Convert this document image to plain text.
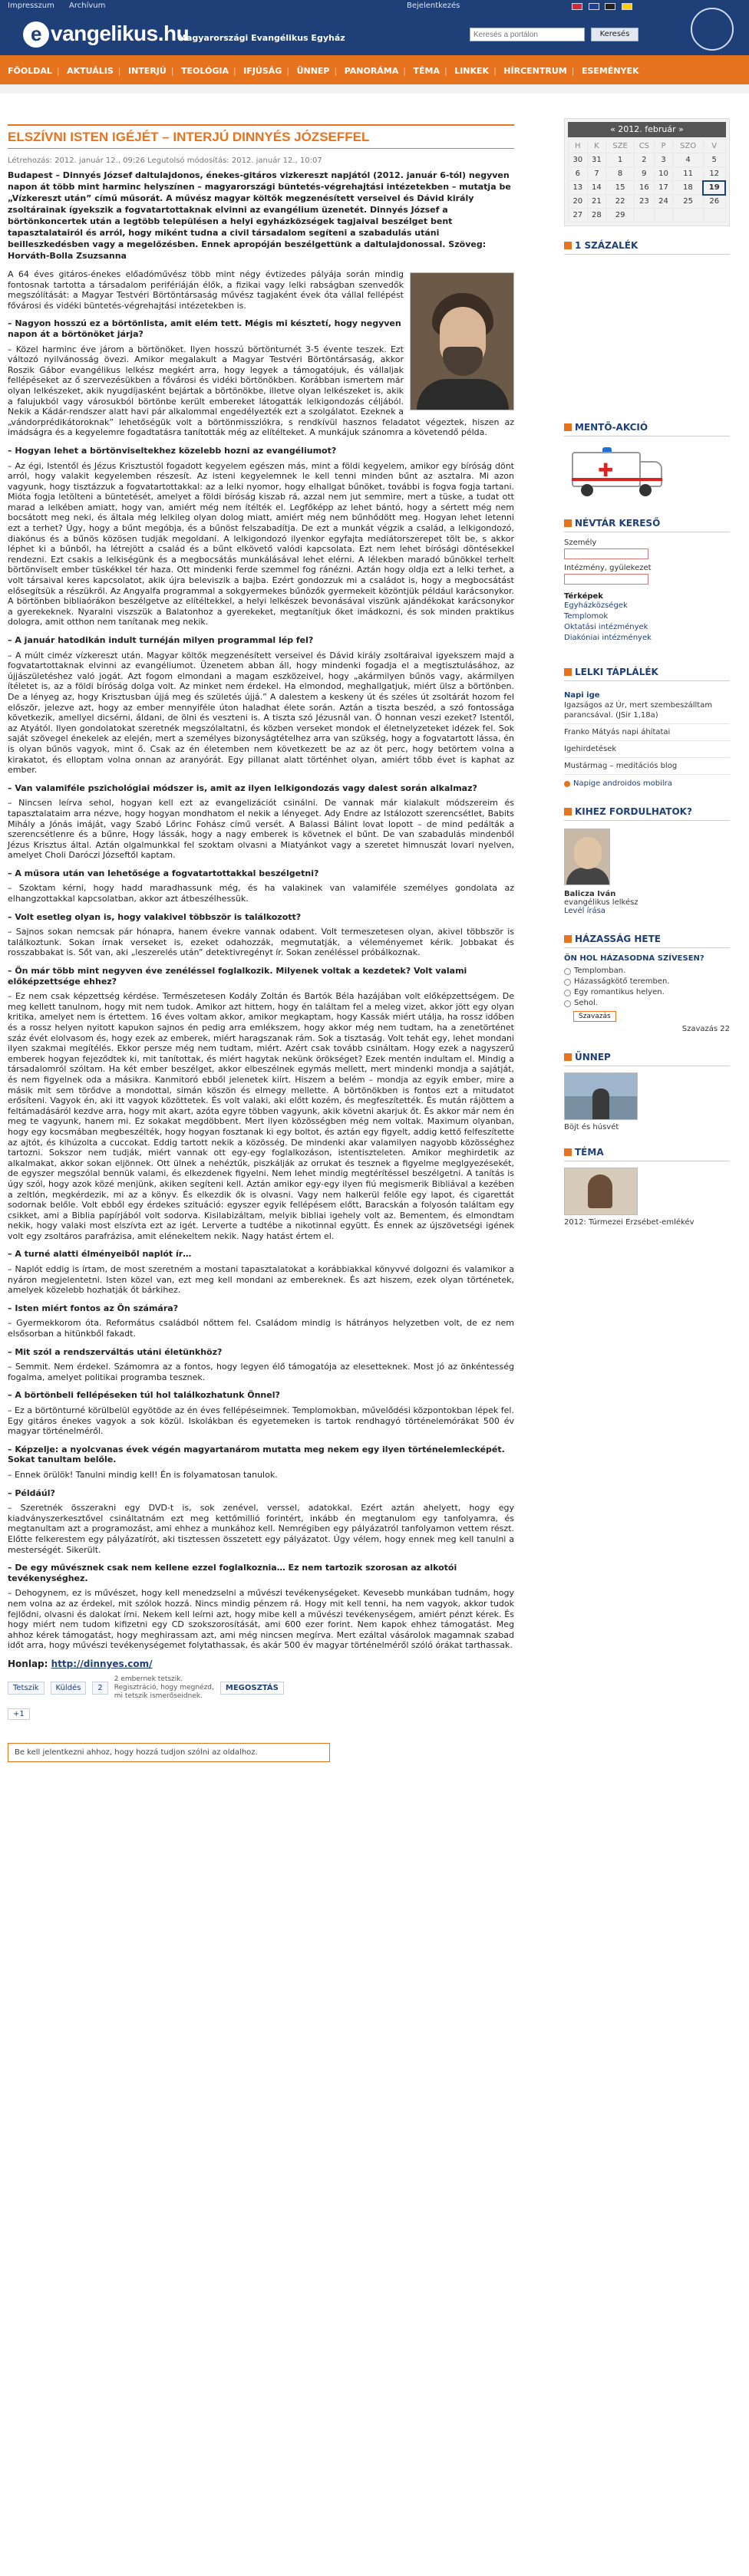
Impresszum Archívum	Bejelentkezés

e vangelikus.hu
Magyarországi Evangélikus Egyház
Keresés a portálon	Keresés
FŐOLDAL | AKTUÁLIS | INTERJÚ | TEOLÓGIA | IFJÚSÁG | ÜNNEP | PANORÁMA | TÉMA | LINKEK | HÍRCENTRUM | ESEMÉNYEK
ELSZÍVNI ISTEN IGÉJÉT – INTERJÚ DINNYÉS JÓZSEFFEL
Létrehozás: 2012. január 12., 09:26 Legutolsó módosítás: 2012. január 12., 10:07
Budapest – Dinnyés József daltulajdonos, énekes-gitáros vizkereszt napjától (2012. január 6-tól) negyven napon át több mint harminc helyszínen – magyarországi büntetés-végrehajtási intézetekben – mutatja be „Vízkereszt után” című műsorát. A művész magyar költők megzenésített verseivel és Dávid király zsoltárainak ígyekszik a fogvatartottaknak elvinni az evangélium üzenetét. Dinnyés József a börtönkoncertek után a legtöbb településen a helyi egyházközségek tagjaival beszélget bent tapasztalatairól és arról, hogy miként tudna a civil társadalom segíteni a szabadulás utáni beilleszkedésben vagy a megelőzésben. Ennek apropóján beszélgettünk a daltulajdonossal. Szöveg: Horváth-Bolla Zsuzsanna

A 64 éves gitáros-énekes előadóművész több mint négy évtizedes pályája során mindig fontosnak tartotta a társadalom perifériáján élők, a fizikai vagy lelki rabságban szenvedők megszólítását: a Magyar Testvéri Börtöntársaság művész tagjaként évek óta vállal fellépést fővárosi és vidéki büntetés-végrehajtási intézetekben is.

– Nagyon hosszú ez a börtönlista, amit elém tett. Mégis mi késztetí, hogy negyven napon át a börtönöket járja?

– Közel harminc éve járom a börtönöket. Ilyen hosszú börtönturnét 3-5 évente teszek. Ezt változó nyilvánosság övezi. Amikor megalakult a Magyar Testvéri Börtöntársaság, akkor Roszik Gábor evangélikus lelkész megkért arra, hogy legyek a támogatójuk, és vállaljak fellépéseket az ő szervezésükben a fővárosi és vidéki börtönökben. Korábban ismertem már olyan lelkészeket, akik nyugdíjasként bejártak a börtönökbe, illetve olyan lelkészeket is, akik a falujukból vagy városukból börtönbe került embereket látogatták lelkigondozás céljából. Nekik a Kádár-rendszer alatt havi pár alkalommal engedélyezték ezt a szolgálatot. Ezeknek a „vándorprédikátoroknak” lehetőségük volt a börtönmissziókra, s rendkívül hasznos feladatot végeztek, hiszen az imádságra és a kegyelemre fogadtatásra tanították még az elítélteket. A munkájuk szánomra a követendő példa.

– Hogyan lehet a börtönviseltekhez közelebb hozni az evangéliumot?

– Az égi, Istentől és Jézus Krisztustól fogadott kegyelem egészen más, mint a földi kegyelem, amikor egy bíróság dönt arról, hogy valakit kegyelemben részesít. Az isteni kegyelemnek le kell tenni minden bűnt az asztalra. Mi azon vagyunk, hogy tisztázzuk a fogvatartottakkal: az a lelki nyomor, hogy elhallgat bűnöket, további is fogva fogja tartani. Mióta fogja letölteni a büntetését, amelyet a földi bíróság kiszab rá, azzal nem jut semmire, mert a tüske, a tudat ott marad a lelkében amiatt, hogy van, amiért még nem ítélték el. Legfőképp az lehet bántó, hogy a sértett még nem bocsátott meg neki, és általa még lelkileg olyan dolog miatt, amiért még nem bűnhődött meg. Hogyan lehet letenni ezt a terhet? Úgy, hogy a bűnt megóbja, és a bűnöst felszabadítja. De ezt a munkát végzik a család, a lelkigondozó, diakónus és a bűnös közösen tudják megoldani. A lelkigondozó ilyenkor egyfajta mediátorszerepet tölt be, s akkor léphet ki a bűnből, ha létrejött a család és a bűnt elkövető valódi kapcsolata. Ezt nem lehet bírósági döntésekkel rendezni. Ezt csakis a lelkiségünk és a megbocsátás munkálásával lehet elérni. A lélekben maradó bűnökkel terhelt börtönviselt ember tüskékkel tér haza. Ott mindenki ferde szemmel fog ránézni. Aztán hogy oldja ezt a lelki terhet, a volt társaival keres kapcsolatot, akik újra beleviszik a bajba. Ezért gondozzuk mi a családot is, hogy a megbocsátást elősegítsük a részükről. Az Angyalfa programmal a sokgyermekes bűnözők gyermekeit közöntjük például karácsonykor. A börtönben bibliaórákon beszélgetve az elítéltekkel, a helyi lelkészek bevonásával viszünk ajándékokat karácsonykor a gyerekeknek. Nyaralni viszszük a Balatonhoz a gyerekeket, megtanítjuk őket imádkozni, és sok minden praktikus dologra, amit otthon nem tanítanak meg nekik.

– A január hatodikán indult turnéján milyen programmal lép fel?

– A múlt ciméz vízkereszt után. Magyar költők megzenésített verseivel és Dávid király zsoltáraival igyekszem majd a fogvatartottaknak elvinni az evangéliumot. Üzenetem abban áll, hogy mindenki fogadja el a megtisztulásához, az újjászületéshez való jogát. Azt fogom elmondani a magam eszközeivel, hogy „akármilyen bűnös vagy, akármilyen ítéletet is, az a földi bíróság dolga volt. Az minket nem érdekel. Ha elmondod, meghallgatjuk, miért ülsz a börtönben. De a lényeg az, hogy Krisztusban újjá meg és születés újjá.” A dalestem a keskeny út és széles út zsoltárát hozom fel először, jelezve azt, hogy az ember mennyiféle úton haladhat élete során. Aztán a tiszta beszéd, a szó fontossága következik, amellyel dicsérni, áldani, de ölni és veszteni is. A tiszta szó Jézusnál van. Ő honnan veszi ezeket? Istentől, az Atyától. Ilyen gondolatokat szeretnék megszólaltatni, és közben verseket mondok el életnelyzeteket idézek fel. Sok saját szövegel énekelek az elején, mert a személyes bizonyságtételhez arra van szükség, hogy a fogvatartott lássa, én is olyan bűnös vagyok, mint ő. Csak az én életemben nem következett be az az öt perc, hogy betörtem volna a kirakatot, és elloptam volna onnan az aranyórát. Egy pillanat alatt történhet olyan, amiért tőbb évet is kaphat az ember.

– Van valamiféle pszichológiai módszer is, amit az ilyen lelkigondozás vagy dalest során alkalmaz?

– Nincsen leírva sehol, hogyan kell ezt az evangelizációt csinálni. De vannak már kialakult módszereim és tapasztalataim arra nézve, hogy hogyan mondhatom el nekik a lényeget. Ady Endre az Istálozott szerencsétlet, Babits Mihály a Jónás imáját, vagy Szabó Lőrinc Fohász című versét. A Balassi Bálint lovat lopott – de mind pedálták a szerencsétlenre és a bűnre, Hogy lássák, hogy a nagy emberek is követnek el bűnt. De van szabadulás mindenből Jézus Krisztus által. Aztán olgalmunkkal fel szoktam olvasni a Miatyánkot vagy a szeretet himnuszát lovari nyelven, amelyet Choli Daróczi Józseftől kaptam.

– A műsora után van lehetősége a fogvatartottakkal beszélgetni?

– Szoktam kérni, hogy hadd maradhassunk még, és ha valakinek van valamiféle személyes gondolata az elhangzottakkal kapcsolatban, akkor azt átbeszélhessük.

– Volt esetleg olyan is, hogy valakivel többször is találkozott?

– Sajnos sokan nemcsak pár hónapra, hanem évekre vannak odabent. Volt termeszetesen olyan, akivel többször is találkoztunk. Sokan írnak verseket is, ezeket odahozzák, megmutatják, a véleményemet kérik. Jobbakat és rosszabbakat is. Sőt van, aki „leszerelés után” detektivregényt ír. Sokan zenéléssel próbálkoznak.

– Ön már több mint negyven éve zenéléssel foglalkozik. Milyenek voltak a kezdetek? Volt valami előképzettsége ehhez?

– Ez nem csak képzettség kérdése. Természetesen Kodály Zoltán és Bartók Béla hazájában volt előképzettségem. De meg kellett tanulnom, hogy mit nem tudok. Amikor azt hittem, hogy én találtam fel a meleg vizet, akkor jött egy olyan kritika, amelyet nem is értettem. 16 éves voltam akkor, amikor megkaptam, hogy Kassák miért utálja, ha rossz időben és a rossz helyen nyitott kapukon sajnos én pedig arra emlékszem, hogy akkor még nem tudtam, ha a zenetörténet száz évét elolvasom és, hogy ezek az emberek, miért haragszanak rám. Sok a tisztaság. Volt tehát egy, lehet mondani ilyen szakmai megítélés. Ekkor persze még nem tudtam, miért. Azért csak tovább csináltam. Hogy ezek a nagyszerű emberek hogyan fejeződtek ki, mit tanítottak, és miért hagytak nekünk örökséget? Ezek mentén indultam el. Mindig a társadalomról szóltam. Ha két ember beszélget, akkor elbeszélnek egymás mellett, mert mindenki mondja a sajátját, és nem figyelnek oda a másikra. Kanmitoró ebből jelenetek kiírt. Hiszem a belém – mondja az egyik ember, mire a másik mit sem törődve a mondottal, simán köszön és elmegy mellette. A börtönökben is fontos ezt a mitudatot erősíteni. Vagyok én, aki itt vagyok közöttetek. És volt valaki, aki előtt kozém, és megfeszítették. És mután rájöttem a feltámadásáról kezdve arra, hogy mit akart, azóta egyre többen vagyunk, akik követni akarjuk őt. És akkor már nem én meg te vagyunk, hanem mi. Ez sokakat megdöbbent. Mert ilyen közösségben még nem voltak. Maximum olyanban, hogy egy kocsmában megbeszélték, hogy hogyan fosztanak ki egy boltot, és aztán egy figyelt, addig kettő felfeszítette az ajtót, és kihúzolta a cuccokat. Eddig tartott nekik a közösség. De mindenki akar valamilyen nagyobb közösséghez tartozni. Sokszor nem tudják, miért vannak ott egy-egy foglalkozáson, istentiszteleten. Amikor meghirdetik az alkalmakat, akkor sokan eljönnek. Ott ülnek a nehéztűk, piszkálják az orrukat és tesznek a figyelme meglgyezésekét, de egyszer megszólal bennük valami, és elkezdenek figyelni. Nem lehet mindig megtérítéssel beszélgetni. A tanítás is úgy szól, hogy azok közé menjünk, akiken segíteni kell. Aztán amikor egy-egy ilyen fiú megismerik Bibliával a kezében a zeltlón, megkérdezik, mi az a könyv. És elkezdik ők is olvasni. Vagy nem halkerül felőle egy lapot, és cigarettát sodornak belőle. Volt ebből egy érdekes szituáció: egyszer egyik fellépésem előtt, Baracskán a folyosón találtam egy csikket, ami a Biblia papírjából volt sodorva. Kisilabizáltam, melyik bibliai igehely volt az. Bementem, és elmondtam nekik, hogy valaki most elszívta ezt az igét. Lerverte a tudtébe a nikotinnal együtt. És ennek az újszövetségi igének volt egy zsoltáros parafrázisa, amit elénekeltem nekik. Nagy hatást értem el.

– A turné alatti élményeiből naplót ír…

– Naplót eddig is írtam, de most szeretném a mostani tapasztalatokat a korábbiakkal könyvvé dolgozni és valamikor a nyáron megjelentetni. Isten közel van, ezt meg kell mondani az embereknek. És azt hiszem, ezek olyan történetek, amelyek közelebb hozhatják őt bárkihez.

– Isten miért fontos az Ön számára?

– Gyermekkorom óta. Református családból nőttem fel. Családom mindig is hátrányos helyzetben volt, de ez nem elsősorban a hitünkből fakadt.

– Mit szól a rendszerváltás utáni életünkhöz?

– Semmit. Nem érdekel. Számomra az a fontos, hogy legyen élő támogatója az elesetteknek. Most jó az önkéntesség fogalma, amelyet politikai programba tesznek.

– A börtönbeli fellépéseken túl hol találkozhatunk Önnel?

– Ez a börtönturné körülbelül egyötöde az én éves fellépéseimnek. Templomokban, művelődési központokban lépek fel. Egy gitáros énekes vagyok a sok közül. Iskolákban és egyetemeken is tartok rendhagyó történelemórákat 500 év magyar történelméről.

– Képzelje: a nyolcvanas évek végén magyartanárom mutatta meg nekem egy ilyen történelemlecképét. Sokat tanultam belőle.

– Ennek örülök! Tanulni mindig kell! Én is folyamatosan tanulok.

– Példáúl?

– Szeretnék összerakni egy DVD-t is, sok zenével, verssel, adatokkal. Ezért aztán ahelyett, hogy egy kiadványszerkesztővel csináltatnám ezt meg kettőmillió forintért, inkább én megtanulom egy tanfolyamra, és megtanultam azt a programozást, ami ehhez a munkához kell. Nemrégiben egy pályázatról tanfolyamon vettem részt. Előtte felkerestem egy pályázatírót, aki tisztessen összetett egy pályázatot. Úgy vélem, hogy ennek meg kell tanulni a mesterségét. Sikerült.

– De egy művésznek csak nem kellene ezzel foglalkoznia… Ez nem tartozik szorosan az alkotói tevékenységhez.

– Dehogynem, ez is művészet, hogy kell menedzselni a művészi tevékenységeket. Kevesebb munkában tudnám, hogy nem volna az az érdekel, mit szólok hozzá. Nincs mindig pénzem rá. Hogy mit kell tenni, ha nem vagyok, akkor tudok fejlődni, olvasni és dalokat írni. Nekem kell leírni azt, hogy mibe kell a művészi tevékenységem, amiért pénzt kérek. És hogy miért nem tudom kifizetni egy CD szokszorosítását, ami 600 ezer forint. Nem kapok ehhez támogatást. Meg ahhoz kérek támogatást, hogy meghirassam azt, ami még nincsen megírva. Mert ezáltal vásárolok magamnak szabad időt arra, hogy művészi tevékenységemet folytathassak, és akár 500 év magyar történelméről szóló órákat tarthassak.

Honlap: http://dinnyes.com/
Tetszik	Küldés	2
2 embernek tetszik.
Regisztráció, hogy megnézd,
mi tetszik ismerőseidnek.
MEGOSZTÁS
+1
Be kell jelentkezni ahhoz, hogy hozzá tudjon szólni az oldalhoz.
« 2012. február »
H	K	SZE	CS	P	SZO	V
30	31	1	2	3	4	5
6	7	8	9	10	11	12
13	14	15	16	17	18	19
20	21	22	23	24	25	26
27	28	29				
1 SZÁZALÉK
MENTŐ-AKCIÓ
✚
NÉVTÁR KERESŐ
Személy
Intézmény, gyülekezet
Térképek
Egyházközségek
Templomok
Oktatási intézmények
Diakóniai intézmények
LELKI TÁPLÁLÉK
Napi ige
Igazságos az Úr, mert szembeszálltam parancsával. (JSir 1,18a)
Franko Mátyás napi áhítatai
Igehirdetések
Mustármag – meditációs blog
Napige androidos mobilra
KIHEZ FORDULHATOK?
Balicza Iván
evangélikus lelkész
Levél írása
HÁZASSÁG HETE
ÖN HOL HÁZASODNA SZÍVESEN?
Templomban.
Házasságkötő teremben.
Egy romantikus helyen.
Sehol.
Szavazás
Szavazás 22
ÜNNEP
Böjt és húsvét
TÉMA
2012: Túrmezei Erzsébet-emlékév
